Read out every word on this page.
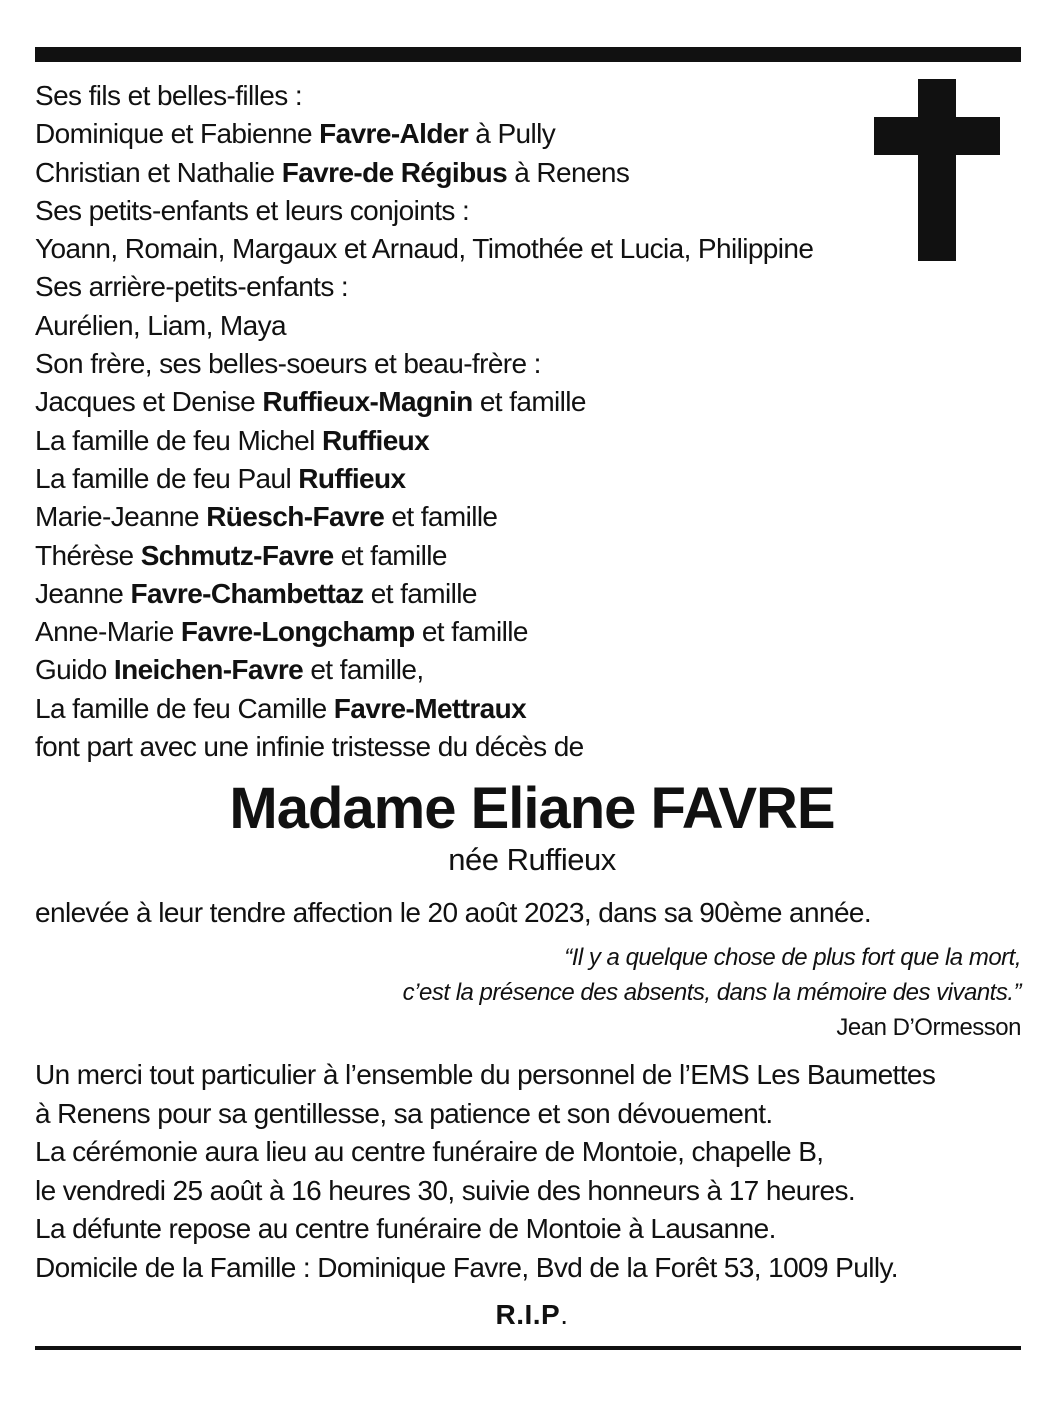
Ses fils et belles-filles :
Dominique et Fabienne Favre-Alder à Pully
Christian et Nathalie Favre-de Régibus à Renens
Ses petits-enfants et leurs conjoints :
Yoann, Romain, Margaux et Arnaud, Timothée et Lucia, Philippine
Ses arrière-petits-enfants :
Aurélien, Liam, Maya
Son frère, ses belles-soeurs et beau-frère :
Jacques et Denise Ruffieux-Magnin et famille
La famille de feu Michel Ruffieux
La famille de feu Paul Ruffieux
Marie-Jeanne Rüesch-Favre et famille
Thérèse Schmutz-Favre et famille
Jeanne Favre-Chambettaz et famille
Anne-Marie Favre-Longchamp et famille
Guido Ineichen-Favre et famille,
La famille de feu Camille Favre-Mettraux
font part avec une infinie tristesse du décès de
Madame Eliane FAVRE
née Ruffieux
enlevée à leur tendre affection le 20 août 2023, dans sa 90ème année.
“Il y a quelque chose de plus fort que la mort,
c’est la présence des absents, dans la mémoire des vivants.”
Jean D’Ormesson
Un merci tout particulier à l’ensemble du personnel de l’EMS Les Baumettes
à Renens pour sa gentillesse, sa patience et son dévouement.
La cérémonie aura lieu au centre funéraire de Montoie, chapelle B,
le vendredi 25 août à 16 heures 30, suivie des honneurs à 17 heures.
La défunte repose au centre funéraire de Montoie à Lausanne.
Domicile de la Famille : Dominique Favre, Bvd de la Forêt 53, 1009 Pully.
R.I.P.
